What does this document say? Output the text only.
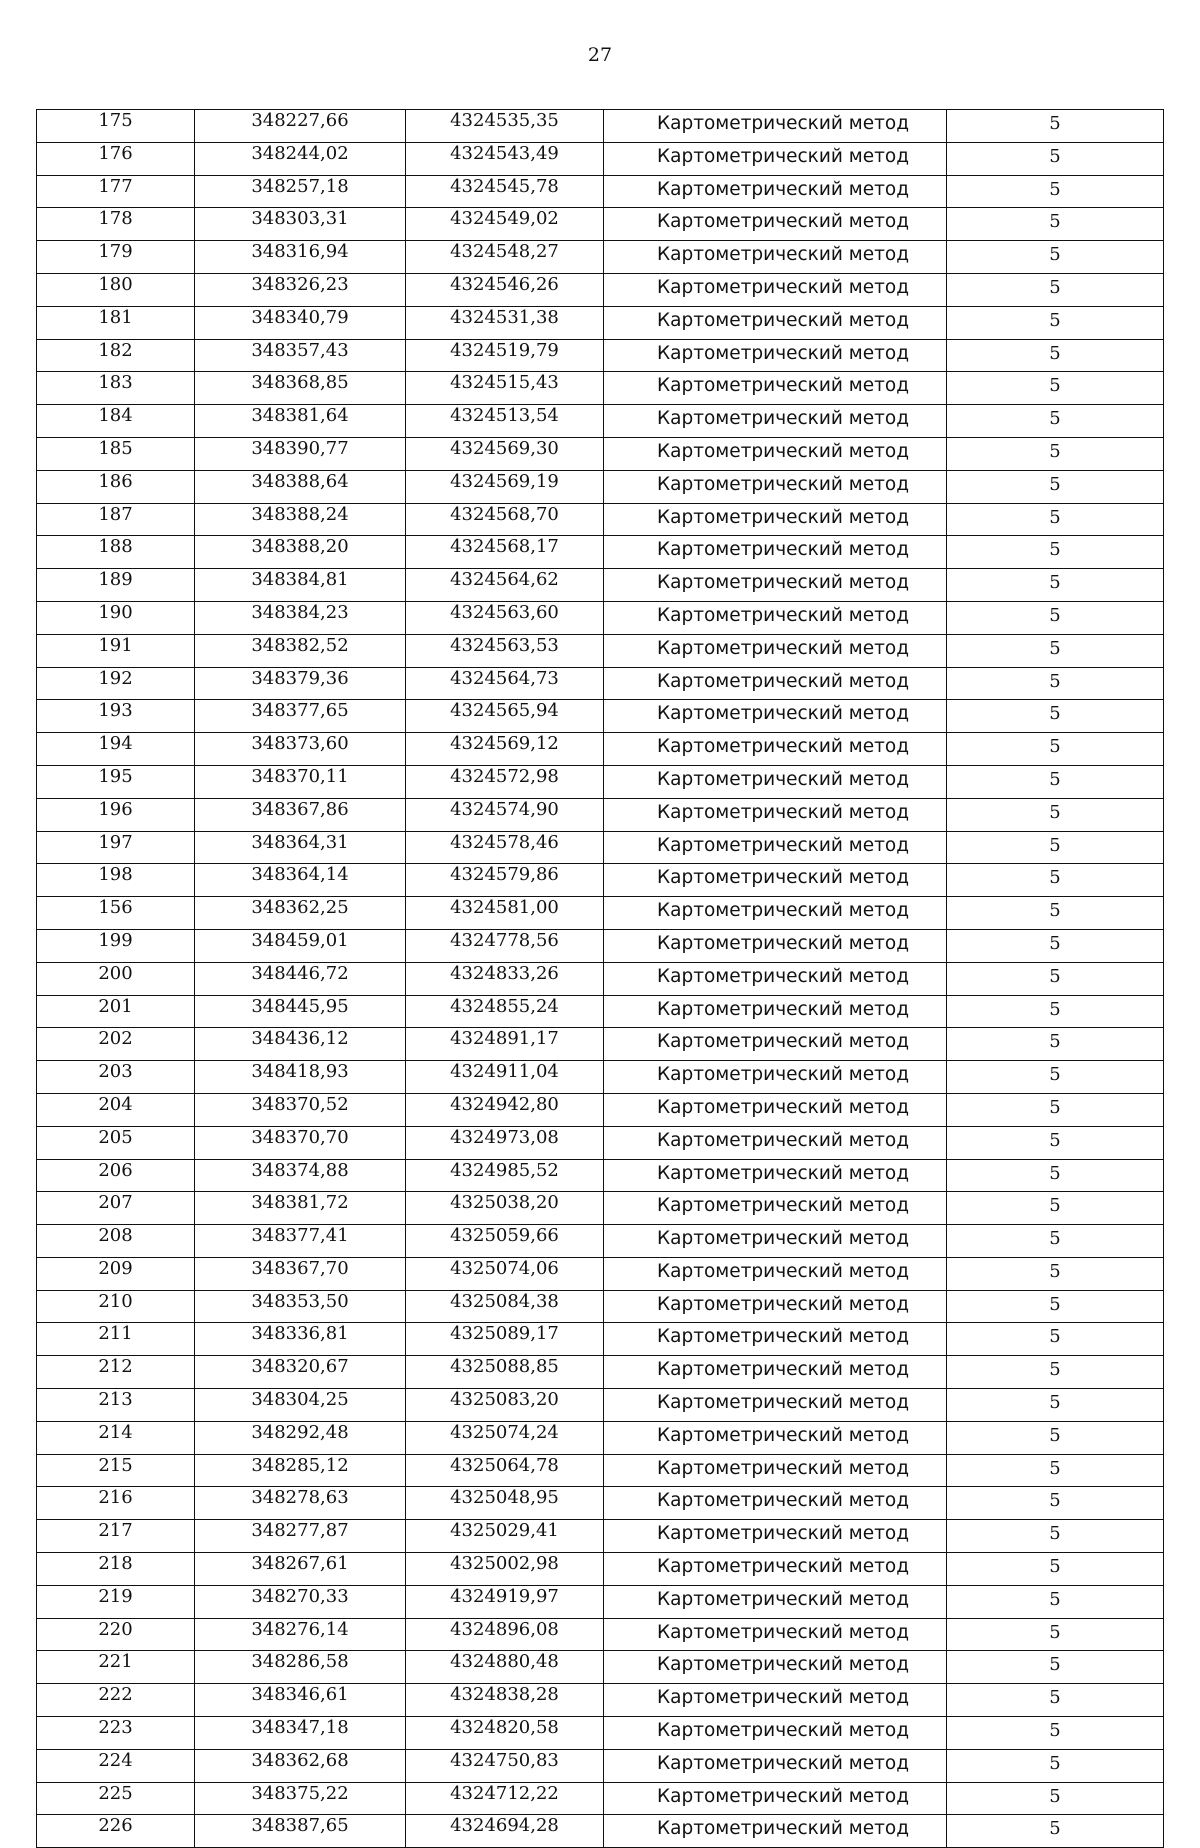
27
175	348227,66	4324535,35	Картометрический метод	5
176	348244,02	4324543,49	Картометрический метод	5
177	348257,18	4324545,78	Картометрический метод	5
178	348303,31	4324549,02	Картометрический метод	5
179	348316,94	4324548,27	Картометрический метод	5
180	348326,23	4324546,26	Картометрический метод	5
181	348340,79	4324531,38	Картометрический метод	5
182	348357,43	4324519,79	Картометрический метод	5
183	348368,85	4324515,43	Картометрический метод	5
184	348381,64	4324513,54	Картометрический метод	5
185	348390,77	4324569,30	Картометрический метод	5
186	348388,64	4324569,19	Картометрический метод	5
187	348388,24	4324568,70	Картометрический метод	5
188	348388,20	4324568,17	Картометрический метод	5
189	348384,81	4324564,62	Картометрический метод	5
190	348384,23	4324563,60	Картометрический метод	5
191	348382,52	4324563,53	Картометрический метод	5
192	348379,36	4324564,73	Картометрический метод	5
193	348377,65	4324565,94	Картометрический метод	5
194	348373,60	4324569,12	Картометрический метод	5
195	348370,11	4324572,98	Картометрический метод	5
196	348367,86	4324574,90	Картометрический метод	5
197	348364,31	4324578,46	Картометрический метод	5
198	348364,14	4324579,86	Картометрический метод	5
156	348362,25	4324581,00	Картометрический метод	5
199	348459,01	4324778,56	Картометрический метод	5
200	348446,72	4324833,26	Картометрический метод	5
201	348445,95	4324855,24	Картометрический метод	5
202	348436,12	4324891,17	Картометрический метод	5
203	348418,93	4324911,04	Картометрический метод	5
204	348370,52	4324942,80	Картометрический метод	5
205	348370,70	4324973,08	Картометрический метод	5
206	348374,88	4324985,52	Картометрический метод	5
207	348381,72	4325038,20	Картометрический метод	5
208	348377,41	4325059,66	Картометрический метод	5
209	348367,70	4325074,06	Картометрический метод	5
210	348353,50	4325084,38	Картометрический метод	5
211	348336,81	4325089,17	Картометрический метод	5
212	348320,67	4325088,85	Картометрический метод	5
213	348304,25	4325083,20	Картометрический метод	5
214	348292,48	4325074,24	Картометрический метод	5
215	348285,12	4325064,78	Картометрический метод	5
216	348278,63	4325048,95	Картометрический метод	5
217	348277,87	4325029,41	Картометрический метод	5
218	348267,61	4325002,98	Картометрический метод	5
219	348270,33	4324919,97	Картометрический метод	5
220	348276,14	4324896,08	Картометрический метод	5
221	348286,58	4324880,48	Картометрический метод	5
222	348346,61	4324838,28	Картометрический метод	5
223	348347,18	4324820,58	Картометрический метод	5
224	348362,68	4324750,83	Картометрический метод	5
225	348375,22	4324712,22	Картометрический метод	5
226	348387,65	4324694,28	Картометрический метод	5
